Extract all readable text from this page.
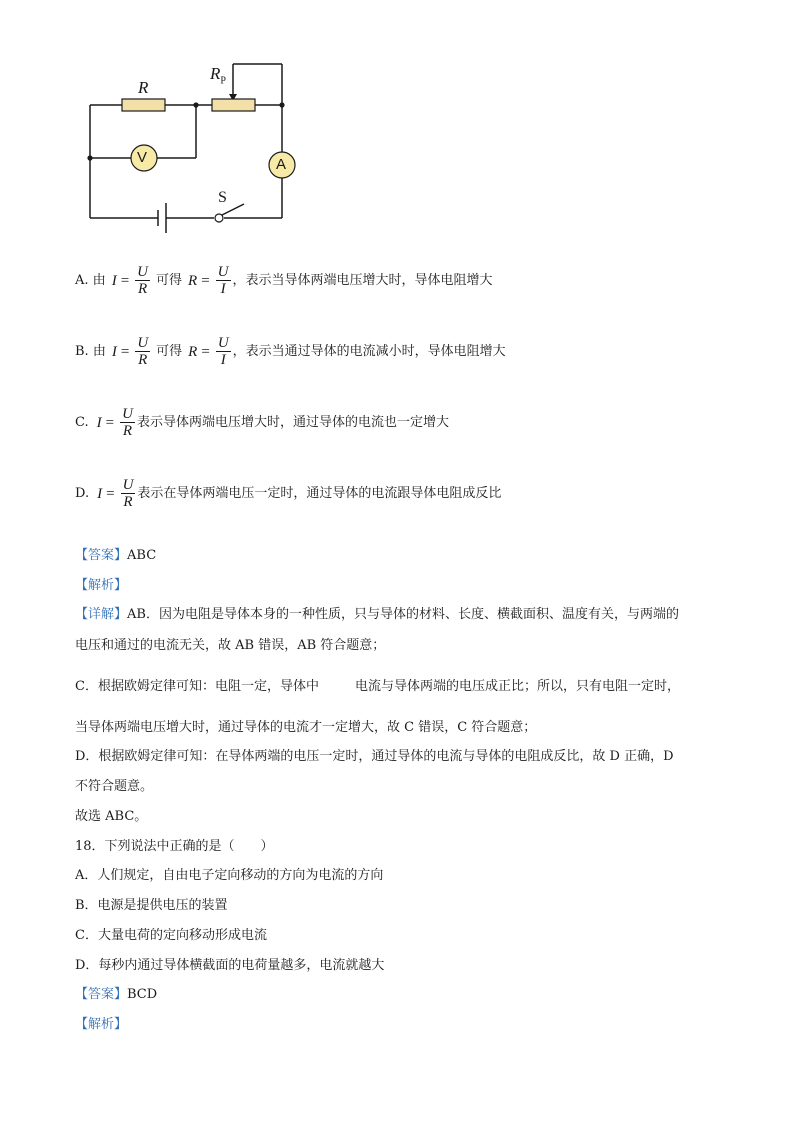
R
$R_P$
V	A
S
A.
由 $I = \frac{U}{R}$ 可得 $R = \frac{U}{I}$ ，表示当导体两端电压增大时，导体电阻增大
B.
由 $I = \frac{U}{R}$ 可得 $R = \frac{U}{I}$ ，表示当通过导体的电流减小时，导体电阻增大
C. $I = \frac{U}{R}$ 表示导体两端电压增大时，通过导体的电流也一定增大
D. $I = \frac{U}{R}$ 表示在导体两端电压一定时，通过导体的电流跟导体电阻成反比
【答案】ABC
【解析】
【详解】AB．因为电阻是导体本身的一种性质，只与导体的材料、长度、横截面积、温度有关，与两端的
电压和通过的电流无关，故 AB 错误，AB 符合题意；
C．根据欧姆定律可知：电阻一定，导体中	电流与导体两端的电压成正比；所以，只有电阻一定时，
当导体两端电压增大时，通过导体的电流才一定增大，故 C 错误，C 符合题意；
D．根据欧姆定律可知：在导体两端的电压一定时，通过导体的电流与导体的电阻成反比，故 D 正确，D
不符合题意。
故选 ABC。
18．下列说法中正确的是（　　）
A．人们规定，自由电子定向移动的方向为电流的方向
B．电源是提供电压的装置
C．大量电荷的定向移动形成电流
D．每秒内通过导体横截面的电荷量越多，电流就越大
【答案】BCD
【解析】
